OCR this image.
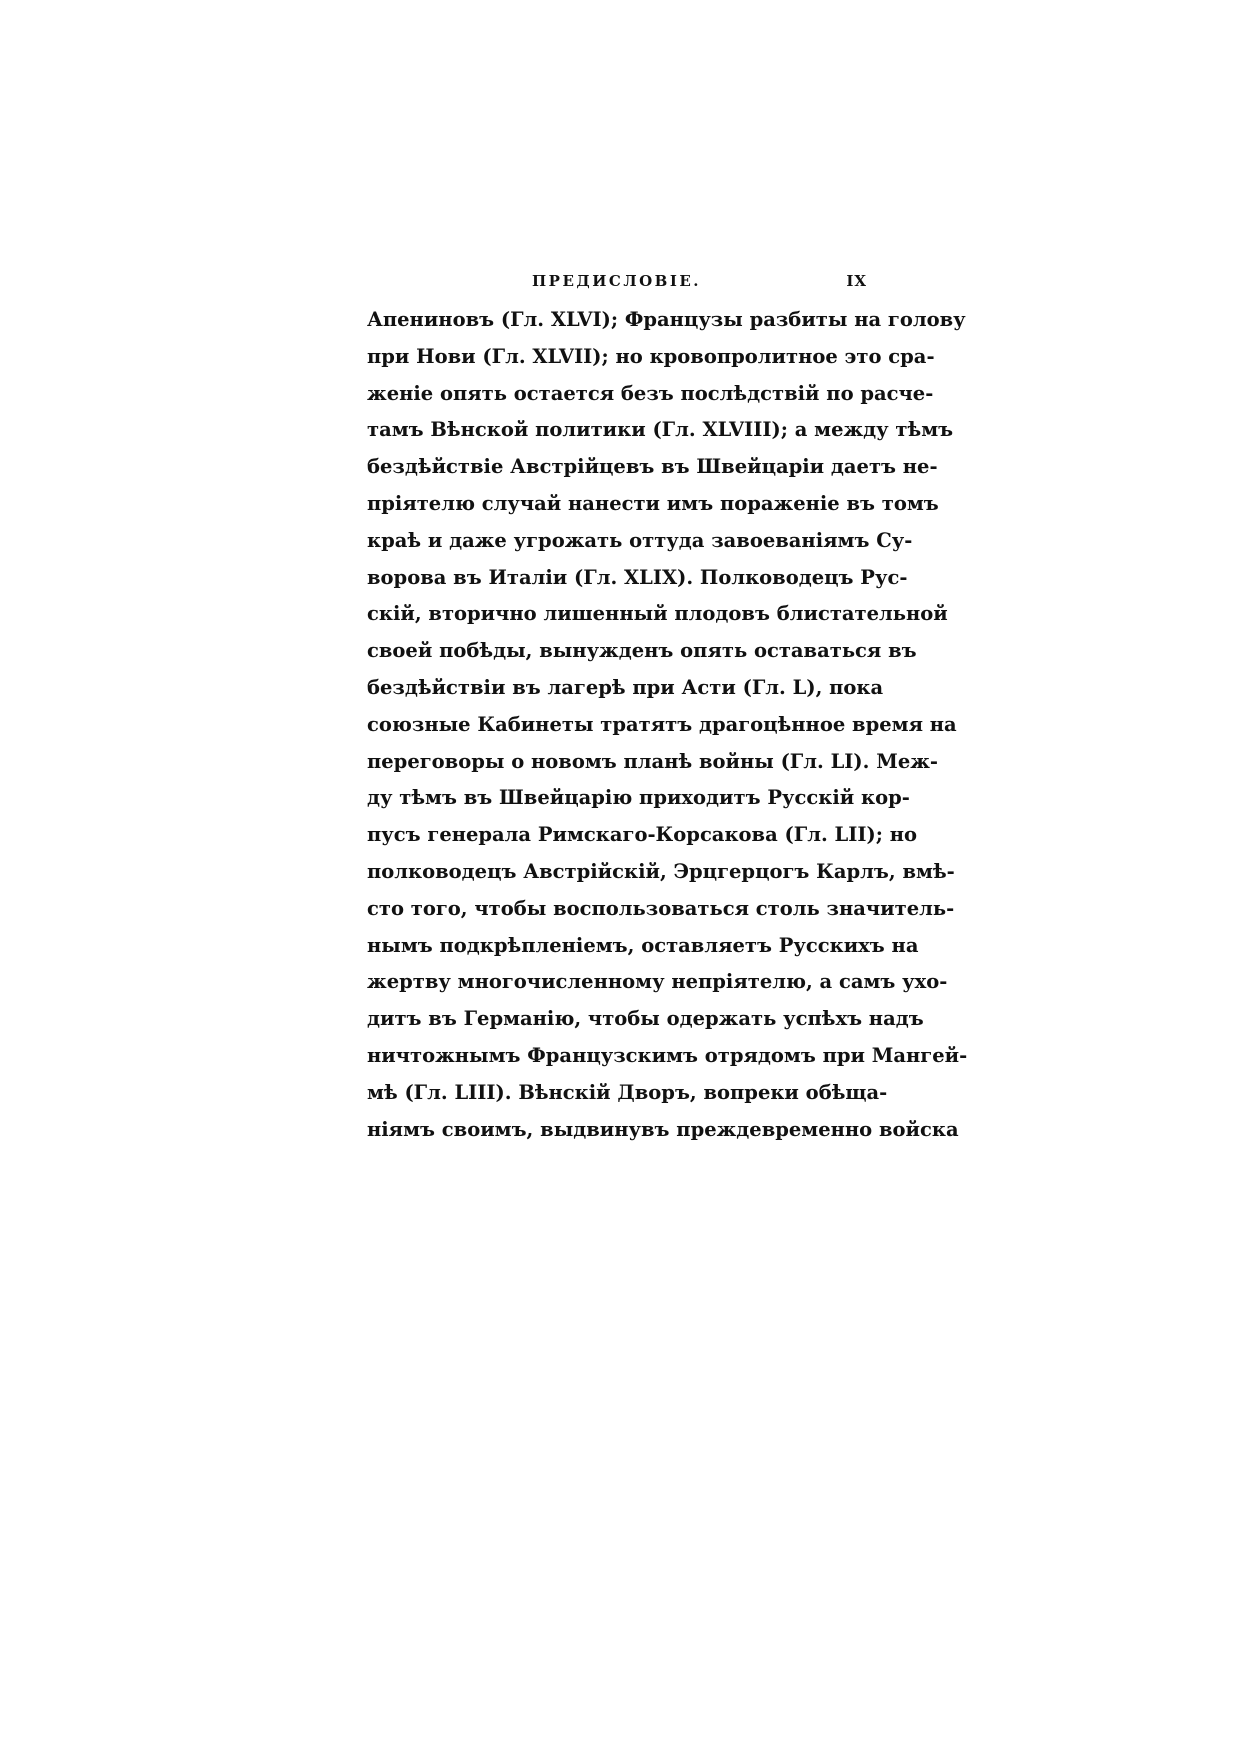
ПРЕДИСЛОВІЕ.	IX
Апениновъ (Гл. XLVI); Французы разбиты на голову
при Нови (Гл. XLVII); но кровопролитное это сра-
женіе опять остается безъ послѣдствій по расче-
тамъ Вѣнской политики (Гл. XLVIII); а между тѣмъ
бездѣйствіе Австрійцевъ въ Швейцаріи даетъ не-
пріятелю случай нанести имъ пораженіе въ томъ
краѣ и даже угрожать оттуда завоеваніямъ Су-
ворова въ Италіи (Гл. XLIX). Полководецъ Рус-
скій, вторично лишенный плодовъ блистательной
своей побѣды, вынужденъ опять оставаться въ
бездѣйствіи въ лагерѣ при Асти (Гл. L), пока
союзные Кабинеты тратятъ драгоцѣнное время на
переговоры о новомъ планѣ войны (Гл. LI). Меж-
ду тѣмъ въ Швейцарію приходитъ Русскій кор-
пусъ генерала Римскаго-Корсакова (Гл. LII); но
полководецъ Австрійскій, Эрцгерцогъ Карлъ, вмѣ-
сто того, чтобы воспользоваться столь значитель-
нымъ подкрѣпленіемъ, оставляетъ Русскихъ на
жертву многочисленному непріятелю, а самъ ухо-
дитъ въ Германію, чтобы одержать успѣхъ надъ
ничтожнымъ Французскимъ отрядомъ при Мангей-
мѣ (Гл. LIII). Вѣнскій Дворъ, вопреки обѣща-
ніямъ своимъ, выдвинувъ преждевременно войска
